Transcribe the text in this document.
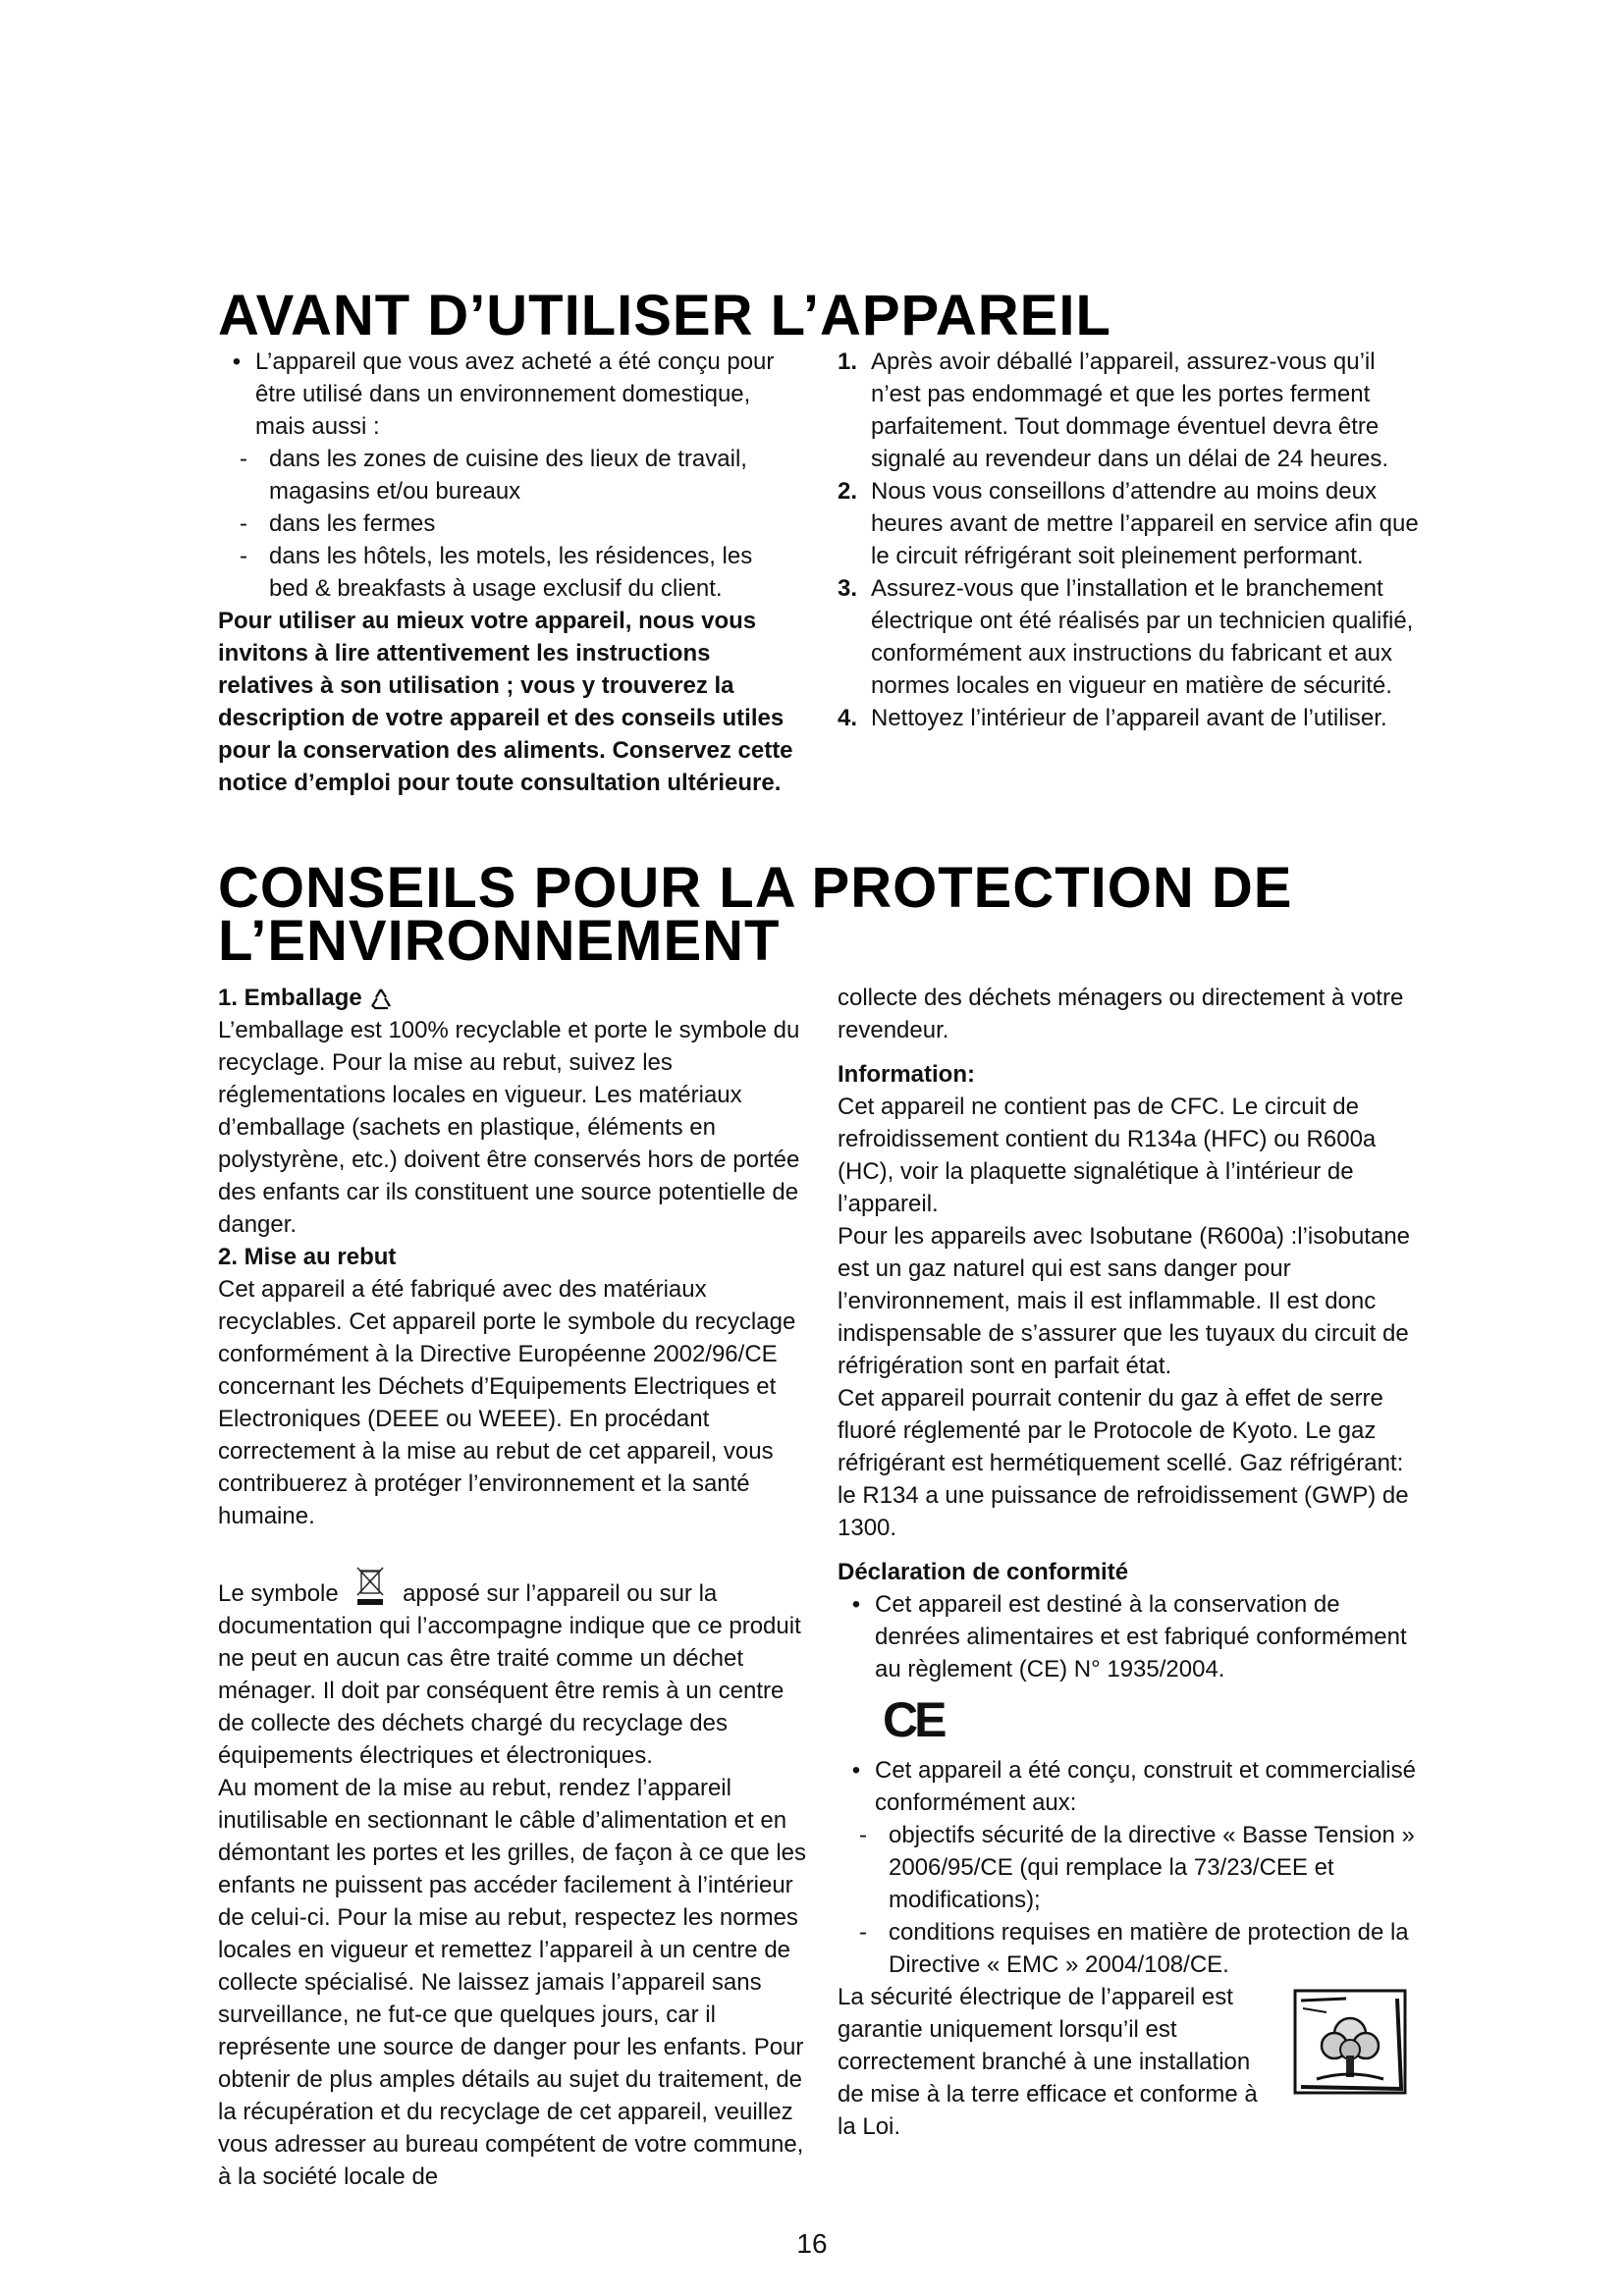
AVANT D’UTILISER L’APPAREIL

• L’appareil que vous avez acheté a été conçu pour être utilisé dans un environnement domestique, mais aussi :

- dans les zones de cuisine des lieux de travail, magasins et/ou bureaux

- dans les fermes

- dans les hôtels, les motels, les résidences, les bed & breakfasts à usage exclusif du client.

Pour utiliser au mieux votre appareil, nous vous invitons à lire attentivement les instructions relatives à son utilisation ; vous y trouverez la description de votre appareil et des conseils utiles pour la conservation des aliments. Conservez cette notice d’emploi pour toute consultation ultérieure.

1. Après avoir déballé l’appareil, assurez-vous qu’il n’est pas endommagé et que les portes ferment parfaitement. Tout dommage éventuel devra être signalé au revendeur dans un délai de 24 heures.

2. Nous vous conseillons d’attendre au moins deux heures avant de mettre l’appareil en service afin que le circuit réfrigérant soit pleinement performant.

3. Assurez-vous que l’installation et le branchement électrique ont été réalisés par un technicien qualifié, conformément aux instructions du fabricant et aux normes locales en vigueur en matière de sécurité.

4. Nettoyez l’intérieur de l’appareil avant de l’utiliser.

CONSEILS POUR LA PROTECTION DE
L’ENVIRONNEMENT

1. Emballage

L’emballage est 100% recyclable et porte le symbole du recyclage. Pour la mise au rebut, suivez les réglementations locales en vigueur. Les matériaux d’emballage (sachets en plastique, éléments en polystyrène, etc.) doivent être conservés hors de portée des enfants car ils constituent une source potentielle de danger.

2. Mise au rebut

Cet appareil a été fabriqué avec des matériaux recyclables. Cet appareil porte le symbole du recyclage conformément à la Directive Européenne 2002/96/CE concernant les Déchets d’Equipements Electriques et Electroniques (DEEE ou WEEE). En procédant correctement à la mise au rebut de cet appareil, vous contribuerez à protéger l’environnement et la santé humaine.

Le symbole	apposé sur l’appareil ou sur la documentation qui l’accompagne indique que ce produit ne peut en aucun cas être traité comme un déchet ménager. Il doit par conséquent être remis à un centre de collecte des déchets chargé du recyclage des équipements électriques et électroniques.

Au moment de la mise au rebut, rendez l’appareil inutilisable en sectionnant le câble d’alimentation et en démontant les portes et les grilles, de façon à ce que les enfants ne puissent pas accéder facilement à l’intérieur de celui-ci. Pour la mise au rebut, respectez les normes locales en vigueur et remettez l’appareil à un centre de collecte spécialisé. Ne laissez jamais l’appareil sans surveillance, ne fut-ce que quelques jours, car il représente une source de danger pour les enfants. Pour obtenir de plus amples détails au sujet du traitement, de la récupération et du recyclage de cet appareil, veuillez vous adresser au bureau compétent de votre commune, à la société locale de

collecte des déchets ménagers ou directement à votre revendeur.

Information:

Cet appareil ne contient pas de CFC. Le circuit de refroidissement contient du R134a (HFC) ou R600a (HC), voir la plaquette signalétique à l’intérieur de l’appareil.

Pour les appareils avec Isobutane (R600a) :l’isobutane est un gaz naturel qui est sans danger pour l’environnement, mais il est inflammable. Il est donc indispensable de s’assurer que les tuyaux du circuit de réfrigération sont en parfait état.

Cet appareil pourrait contenir du gaz à effet de serre fluoré réglementé par le Protocole de Kyoto. Le gaz réfrigérant est hermétiquement scellé. Gaz réfrigérant: le R134 a une puissance de refroidissement (GWP) de 1300.

Déclaration de conformité

• Cet appareil est destiné à la conservation de denrées alimentaires et est fabriqué conformément au règlement (CE) N° 1935/2004.

CE

• Cet appareil a été conçu, construit et commercialisé conformément aux:

- objectifs sécurité de la directive « Basse Tension » 2006/95/CE (qui remplace la 73/23/CEE et modifications);

- conditions requises en matière de protection de la Directive « EMC » 2004/108/CE.

La sécurité électrique de l’appareil est garantie uniquement lorsqu’il est correctement branché à une installation de mise à la terre efficace et conforme à la Loi.

16
